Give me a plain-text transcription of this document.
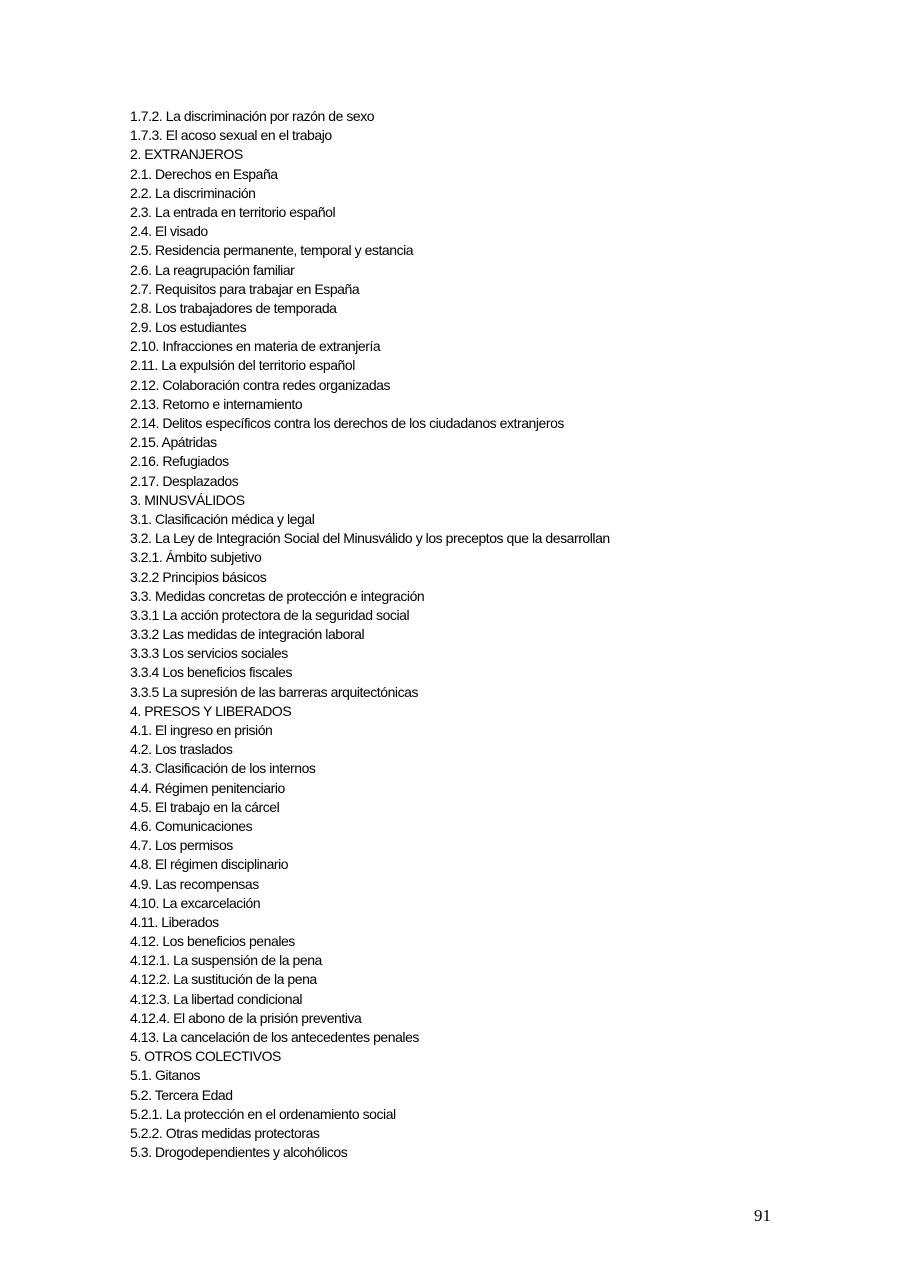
1.7.2. La discriminación por razón de sexo
1.7.3. El acoso sexual en el trabajo
2. EXTRANJEROS
2.1. Derechos en España
2.2. La discriminación
2.3. La entrada en territorio español
2.4. El visado
2.5. Residencia permanente, temporal y estancia
2.6. La reagrupación familiar
2.7. Requisitos para trabajar en España
2.8. Los trabajadores de temporada
2.9. Los estudiantes
2.10. Infracciones en materia de extranjería
2.11. La expulsión del territorio español
2.12. Colaboración contra redes organizadas
2.13. Retorno e internamiento
2.14. Delitos específicos contra los derechos de los ciudadanos extranjeros
2.15. Apátridas
2.16. Refugiados
2.17. Desplazados
3. MINUSVÁLIDOS
3.1. Clasificación médica y legal
3.2. La Ley de Integración Social del Minusválido y los preceptos que la desarrollan
3.2.1. Ámbito subjetivo
3.2.2 Principios básicos
3.3. Medidas concretas de protección e integración
3.3.1 La acción protectora de la seguridad social
3.3.2 Las medidas de integración laboral
3.3.3 Los servicios sociales
3.3.4 Los beneficios fiscales
3.3.5 La supresión de las barreras arquitectónicas
4. PRESOS Y LIBERADOS
4.1. El ingreso en prisión
4.2. Los traslados
4.3. Clasificación de los internos
4.4. Régimen penitenciario
4.5. El trabajo en la cárcel
4.6. Comunicaciones
4.7. Los permisos
4.8. El régimen disciplinario
4.9. Las recompensas
4.10. La excarcelación
4.11. Liberados
4.12. Los beneficios penales
4.12.1. La suspensión de la pena
4.12.2. La sustitución de la pena
4.12.3. La libertad condicional
4.12.4. El abono de la prisión preventiva
4.13. La cancelación de los antecedentes penales
5. OTROS COLECTIVOS
5.1. Gitanos
5.2. Tercera Edad
5.2.1. La protección en el ordenamiento social
5.2.2. Otras medidas protectoras
5.3. Drogodependientes y alcohólicos
91
